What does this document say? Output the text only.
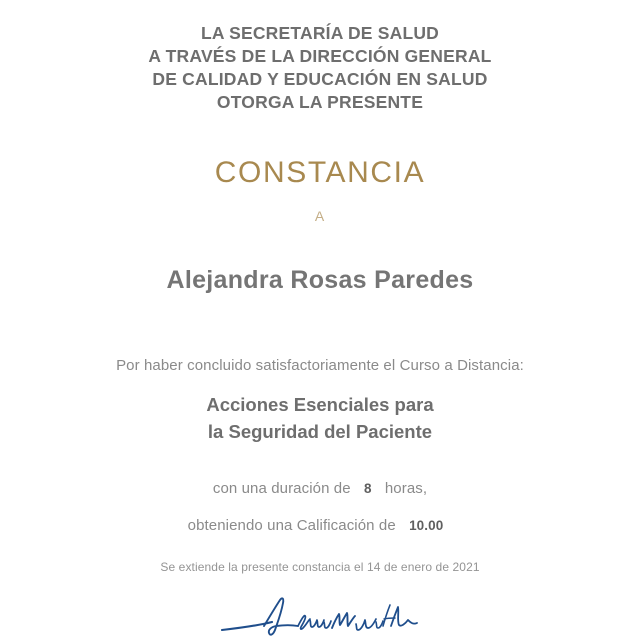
LA SECRETARÍA DE SALUD
A TRAVÉS DE LA DIRECCIÓN GENERAL
DE CALIDAD Y EDUCACIÓN EN SALUD
OTORGA LA PRESENTE
CONSTANCIA
A
Alejandra Rosas Paredes
Por haber concluido satisfactoriamente el Curso a Distancia:
Acciones Esenciales para
la Seguridad del Paciente
con una duración de 8 horas,
obteniendo una Calificación de 10.00
Se extiende la presente constancia el 14 de enero de 2021
